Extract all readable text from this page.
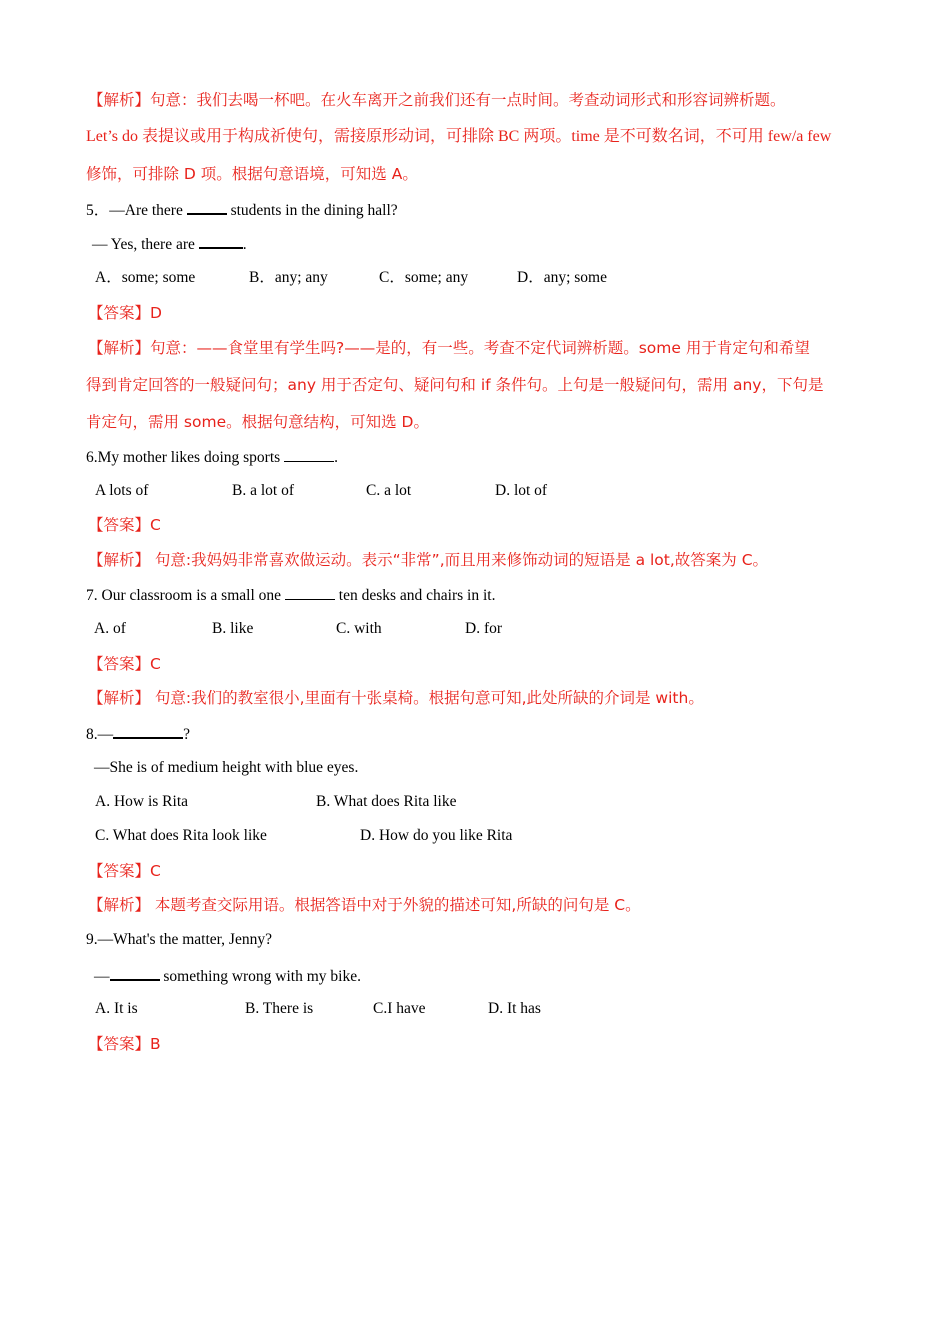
【解析】句意：我们去喝一杯吧。在火车离开之前我们还有一点时间。考查动词形式和形容词辨析题。
Let’s do 表提议或用于构成祈使句，需接原形动词，可排除 BC 两项。time 是不可数名词，不可用 few/a few
修饰，可排除 D 项。根据句意语境，可知选 A。
5．—Are there	students in the dining hall?
— Yes, there are	.
A．some; some	B．any; any	C．some; any	D．any; some
【答案】D
【解析】句意：——食堂里有学生吗?——是的，有一些。考查不定代词辨析题。some 用于肯定句和希望
得到肯定回答的一般疑问句；any 用于否定句、疑问句和 if 条件句。上句是一般疑问句，需用 any，下句是
肯定句，需用 some。根据句意结构，可知选 D。
6.My mother likes doing sports	.
A lots of	B. a lot of	C. a lot	D. lot of
【答案】C
【解析】 句意:我妈妈非常喜欢做运动。表示“非常”,而且用来修饰动词的短语是 a lot,故答案为 C。
7. Our classroom is a small one	ten desks and chairs in it.
A. of	B. like	C. with	D. for
【答案】C
【解析】 句意:我们的教室很小,里面有十张桌椅。根据句意可知,此处所缺的介词是 with。
8.—	?
—She is of medium height with blue eyes.
A. How is Rita	B. What does Rita like
C. What does Rita look like	D. How do you like Rita
【答案】C
【解析】 本题考查交际用语。根据答语中对于外貌的描述可知,所缺的问句是 C。
9.—What's the matter, Jenny?
—	something wrong with my bike.
A. It is	B. There is	C.I have	D. It has
【答案】B
